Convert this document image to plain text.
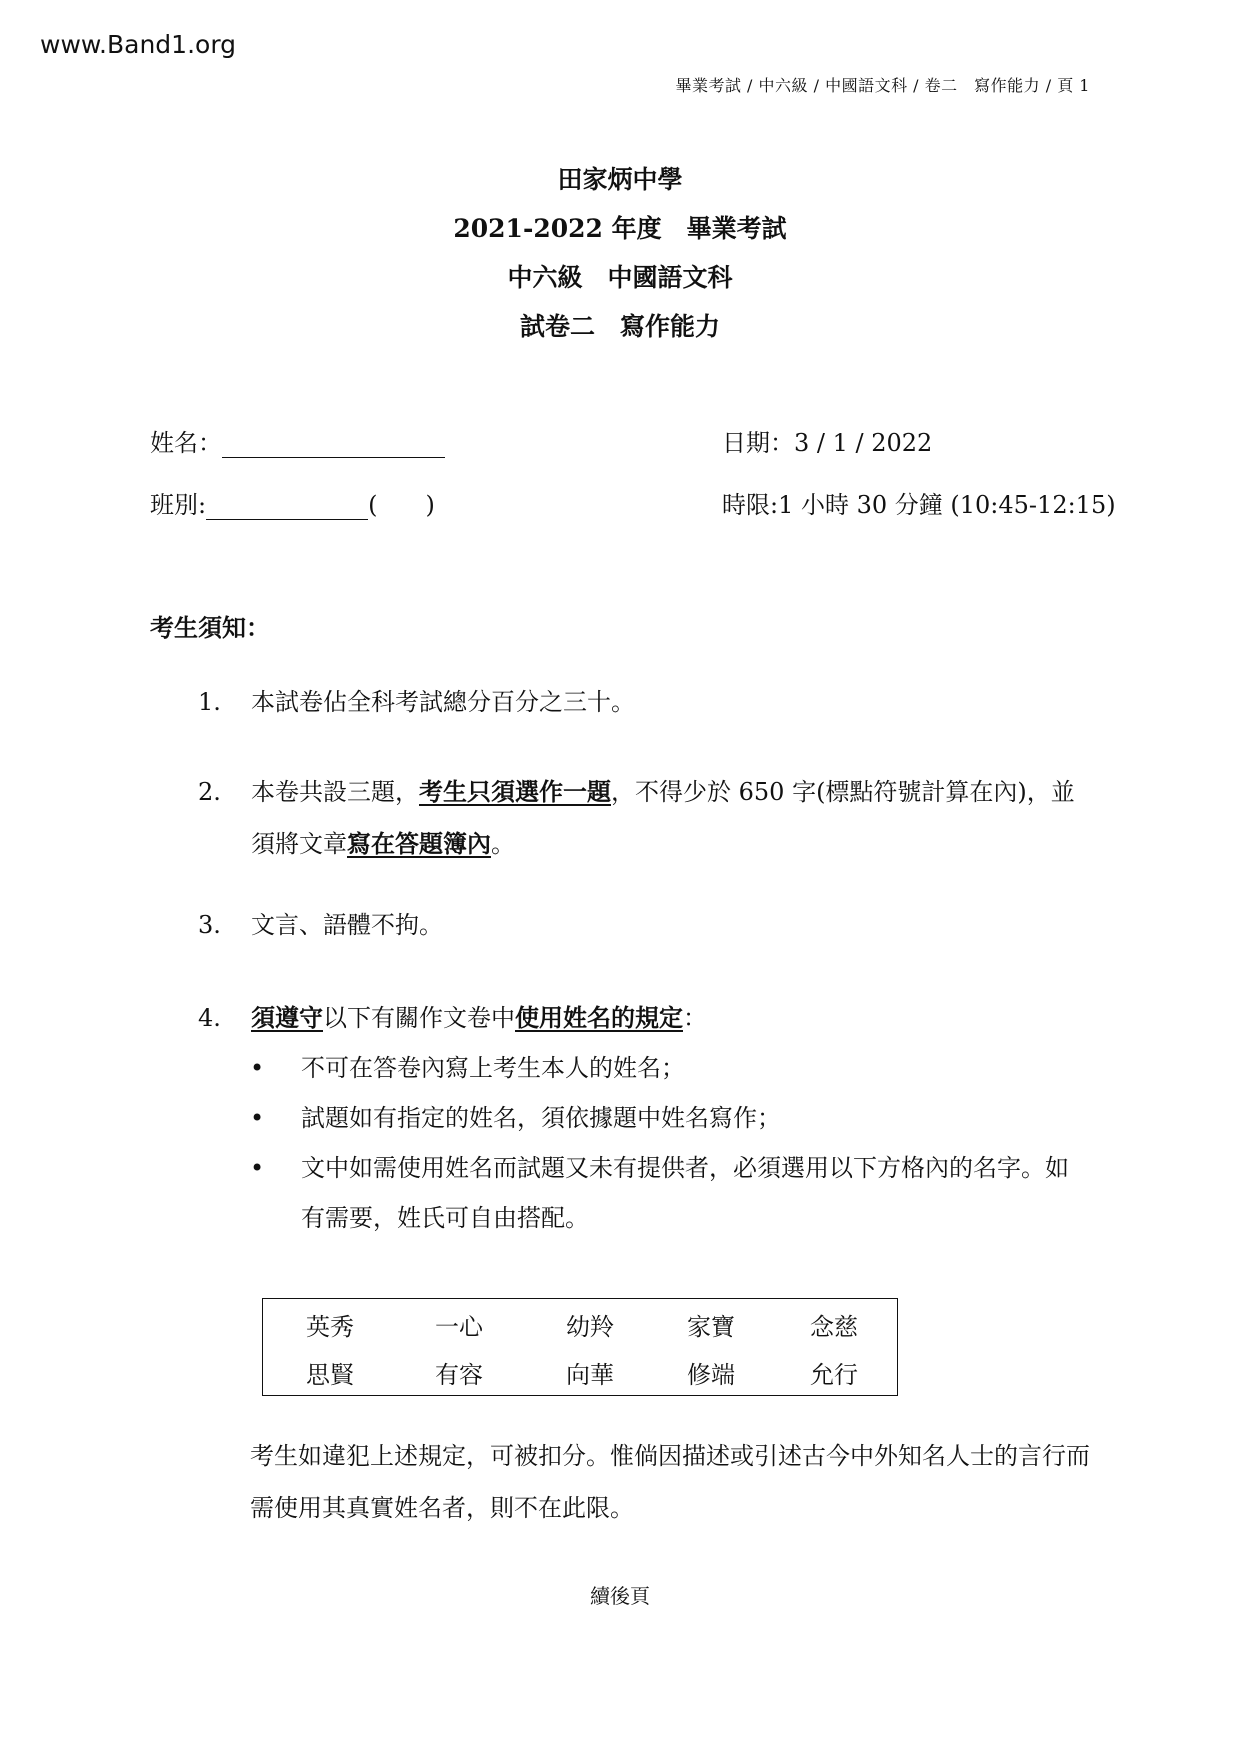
www.Band1.org
畢業考試 / 中六級 / 中國語文科 / 卷二　寫作能力 / 頁 1
田家炳中學
2021-2022 年度　畢業考試
中六級　中國語文科
試卷二　寫作能力
姓名：
班別:	(　　)
日期：3 / 1 / 2022
時限:1 小時 30 分鐘 (10:45-12:15)
考生須知：
1.	本試卷佔全科考試總分百分之三十。
2.	本卷共設三題，考生只須選作一題，不得少於 650 字(標點符號計算在內)，並須將文章寫在答題簿內。
3.	文言、語體不拘。
4.	須遵守以下有關作文卷中使用姓名的規定：
• 不可在答卷內寫上考生本人的姓名；
• 試題如有指定的姓名，須依據題中姓名寫作；
• 文中如需使用姓名而試題又未有提供者，必須選用以下方格內的名字。如有需要，姓氏可自由搭配。
英秀	一心	幼羚	家寶	念慈
思賢	有容	向華	修端	允行
考生如違犯上述規定，可被扣分。惟倘因描述或引述古今中外知名人士的言行而需使用其真實姓名者，則不在此限。
續後頁
